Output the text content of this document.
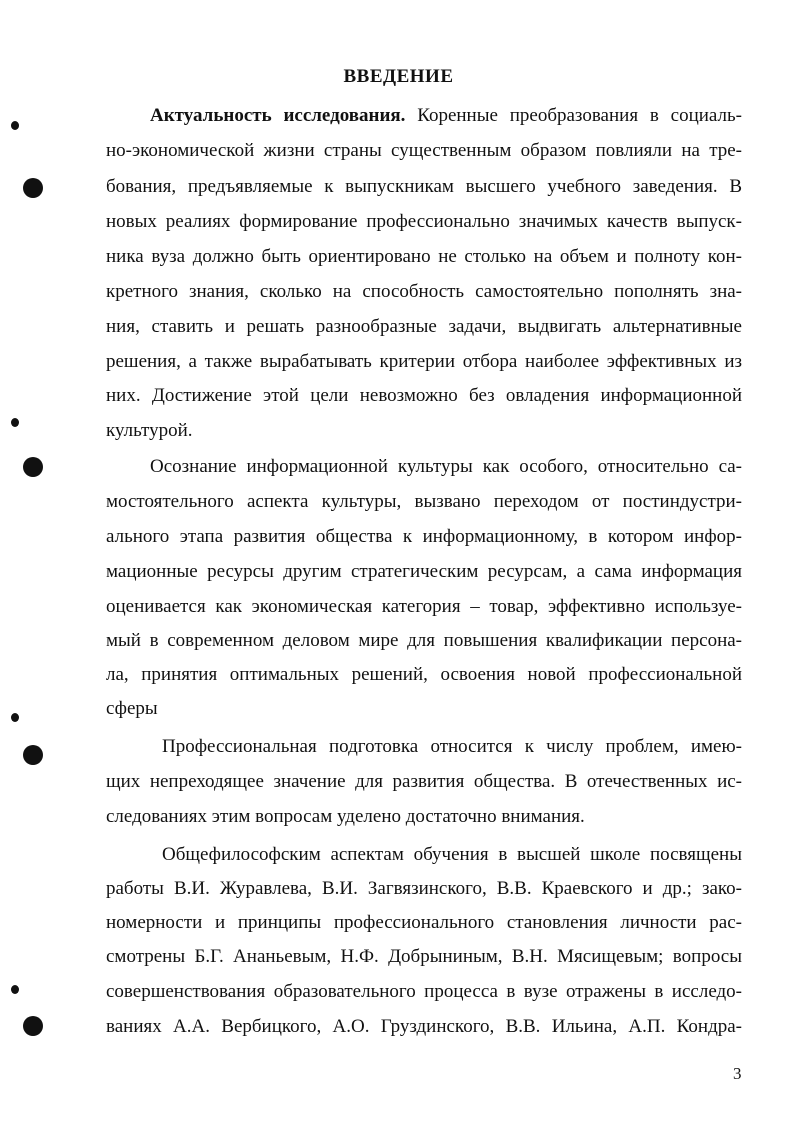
ВВЕДЕНИЕ
Актуальность исследования. Коренные преобразования в социаль-
но-экономической жизни страны существенным образом повлияли на тре-
бования, предъявляемые к выпускникам высшего учебного заведения. В
новых реалиях формирование профессионально значимых качеств выпуск-
ника вуза должно быть ориентировано не столько на объем и полноту кон-
кретного знания, сколько на способность самостоятельно пополнять зна-
ния, ставить и решать разнообразные задачи, выдвигать альтернативные
решения, а также вырабатывать критерии отбора наиболее эффективных из
них. Достижение этой цели невозможно без овладения информационной
культурой.
Осознание информационной культуры как особого, относительно са-
мостоятельного аспекта культуры, вызвано переходом от постиндустри-
ального этапа развития общества к информационному, в котором инфор-
мационные ресурсы другим стратегическим ресурсам, а сама информация
оценивается как экономическая категория – товар, эффективно используе-
мый в современном деловом мире для повышения квалификации персона-
ла, принятия оптимальных решений, освоения новой профессиональной
сферы
Профессиональная подготовка относится к числу проблем, имею-
щих непреходящее значение для развития общества. В отечественных ис-
следованиях этим вопросам уделено достаточно внимания.
Общефилософским аспектам обучения в высшей школе посвящены
работы В.И. Журавлева, В.И. Загвязинского, В.В. Краевского и др.; зако-
номерности и принципы профессионального становления личности рас-
смотрены Б.Г. Ананьевым, Н.Ф. Добрыниным, В.Н. Мясищевым; вопросы
совершенствования образовательного процесса в вузе отражены в исследо-
ваниях А.А. Вербицкого, А.О. Груздинского, В.В. Ильина, А.П. Кондра-
3
